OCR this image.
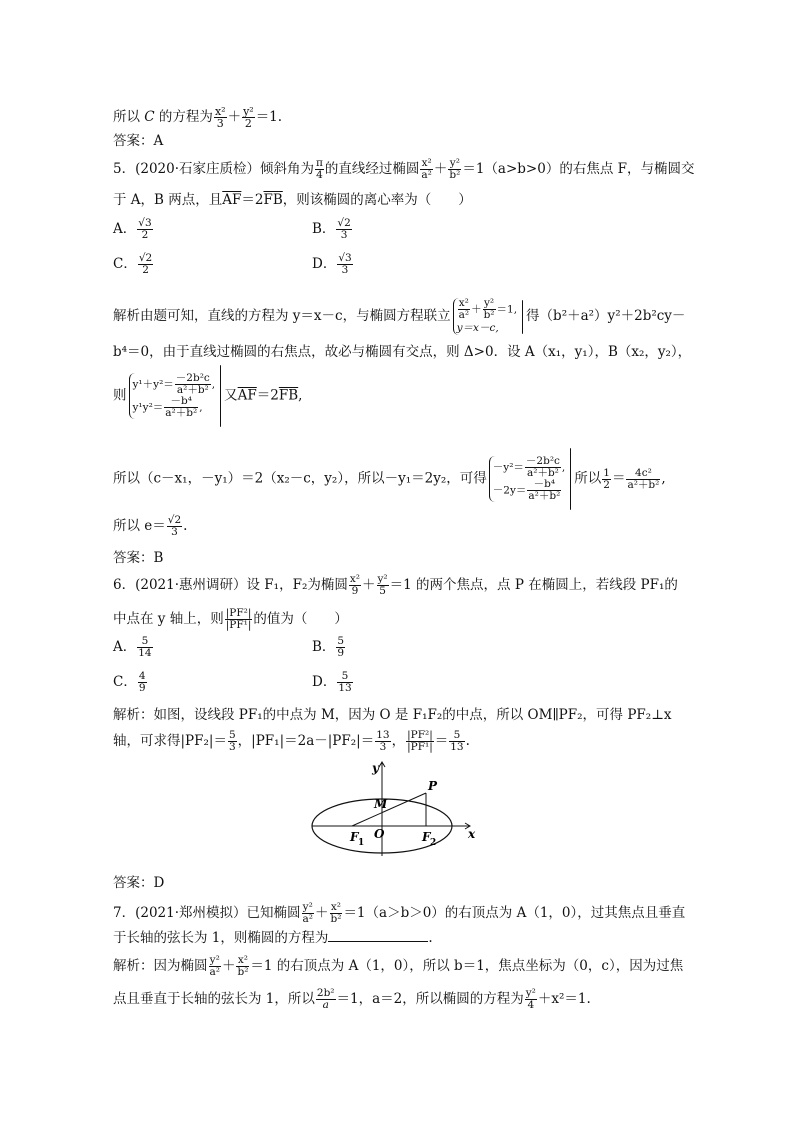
所以 C 的方程为 $\frac{\text{x²}}{3} + \frac{\text{y²}}{2} =1$.
答案：A
5．(2020·石家庄质检）倾斜角为 $\frac{\pi}{4}$ 的直线经过椭圆 $\frac{\text{x²}}{\text{a²}} + \frac{\text{y²}}{\text{b²}} =1(a>b>0)$的右焦点 F，与椭圆交
于 A，B 两点，且$\overline{AF}=2\overline{FB}$，则该椭圆的离心率为（　　）
A． $\frac{√3}{2}$	B． $\frac{√2}{3}$
C． $\frac{√2}{2}$	D． $\frac{√3}{3}$
解析由题可知，直线的方程为 y＝x－c，与椭圆方程联立 $\frac{\text{x²}}{\text{a²}} + \frac{\text{y²}}{\text{b²}} =1$,
y＝x－c,得（b²＋a²）y²＋2b²cy－
b⁴＝0，由于直线过椭圆的右焦点，故必与椭圆有交点，则 Δ>0．设 A（x₁，y₁），B（x₂，y₂），
则$y^1+y^2= \frac{\text{－2b²c}}{\text{a²＋b²}}$ ,
$y^1y^2= \frac{\text{－b⁴}}{\text{a²＋b²}}$ ,又$\overline{AF}=2\overline{FB}$,
所以（c－x₁，－y₁）＝2（x₂－c，y₂），所以－y₁＝2y₂，可得$-y^2= \frac{\text{－2b²c}}{\text{a²＋b²}}$ ,
$-2y= \frac{\text{－b⁴}}{\text{a²＋b²}}$
所以 $\frac{1}{2} = \frac{\text{4c²}}{\text{a²＋b²}}$ ,
所以 $e= \frac{√2}{3}$ .
答案：B
6．(2021·惠州调研）设 F₁，F₂为椭圆 $\frac{\text{x²}}{9} + \frac{\text{y²}}{5} =1$ 的两个焦点，点 P 在椭圆上，若线段 PF₁的
中点在 y 轴上，则 $\frac{\text{|PF²|}}{\text{|PF¹|}}$ 的值为（　　）
A． $\frac{5}{14}$	B． $\frac{5}{9}$
C． $\frac{4}{9}$	D． $\frac{5}{13}$
解析：如图，设线段 PF₁的中点为 M，因为 O 是 F₁F₂的中点，所以 OM∥PF₂，可得 PF₂⊥x
轴，可求得$|PF_2|= \frac{5}{3}$ ，$|PF_1|=2a-|PF_2|= \frac{13}{3}$ ， $\frac{\text{|PF²|}}{\text{|PF¹|}} = \frac{5}{13}$ .
y
x
P
M
O
F 1	F 2
答案：D
7．(2021·郑州模拟）已知椭圆 $\frac{\text{y²}}{\text{a²}} + \frac{\text{x²}}{\text{b²}} =1(a>b>0)$的右顶点为 A（1，0），过其焦点且垂直
于长轴的弦长为 1，则椭圆的方程为	.
解析：因为椭圆 $\frac{\text{y²}}{\text{a²}} + \frac{\text{x²}}{\text{b²}} =1$ 的右顶点为 A（1，0），所以 b＝1，焦点坐标为（0，c），因为过焦
点且垂直于长轴的弦长为 1，所以 $\frac{\text{2b²}}{a} =1$，a＝2，所以椭圆的方程为 $\frac{\text{y²}}{4} +x^2=1$.
